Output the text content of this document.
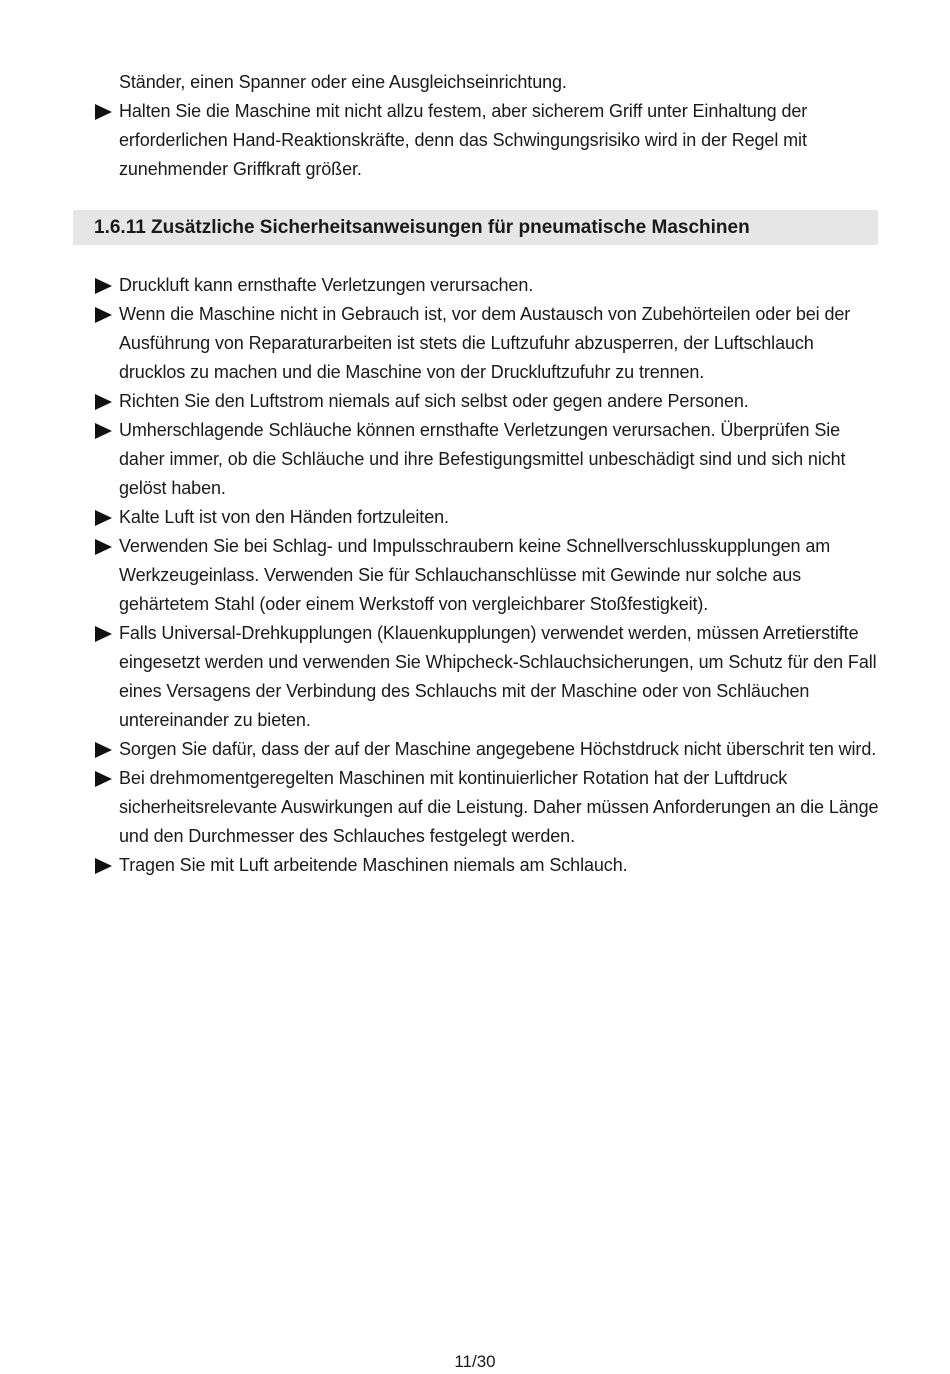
Ständer, einen Spanner oder eine Ausgleichseinrichtung.

Halten Sie die Maschine mit nicht allzu festem, aber sicherem Griff unter Einhaltung der erforderlichen Hand-Reaktionskräfte, denn das Schwingungsrisiko wird in der Regel mit zunehmender Griffkraft größer.

1.6.11 Zusätzliche Sicherheitsanweisungen für pneumatische Maschinen

Druckluft kann ernsthafte Verletzungen verursachen.

Wenn die Maschine nicht in Gebrauch ist, vor dem Austausch von Zubehörteilen oder bei der Ausführung von Reparaturarbeiten ist stets die Luftzufuhr abzusperren, der Luftschlauch drucklos zu machen und die Maschine von der Druckluftzufuhr zu trennen.

Richten Sie den Luftstrom niemals auf sich selbst oder gegen andere Personen.

Umherschlagende Schläuche können ernsthafte Verletzungen verursachen. Überprüfen Sie daher immer, ob die Schläuche und ihre Befestigungsmittel unbeschädigt sind und sich nicht gelöst haben.

Kalte Luft ist von den Händen fortzuleiten.

Verwenden Sie bei Schlag- und Impulsschraubern keine Schnellverschlusskupplungen am Werkzeugeinlass. Verwenden Sie für Schlauchanschlüsse mit Gewinde nur solche aus gehärtetem Stahl (oder einem Werkstoff von vergleichbarer Stoßfestigkeit).

Falls Universal-Drehkupplungen (Klauenkupplungen) verwendet werden, müssen Arretierstifte eingesetzt werden und verwenden Sie Whipcheck-Schlauchsicherungen, um Schutz für den Fall eines Versagens der Verbindung des Schlauchs mit der Maschine oder von Schläuchen untereinander zu bieten.

Sorgen Sie dafür, dass der auf der Maschine angegebene Höchstdruck nicht überschrit ten wird.

Bei drehmomentgeregelten Maschinen mit kontinuierlicher Rotation hat der Luftdruck sicherheitsrelevante Auswirkungen auf die Leistung. Daher müssen Anforderungen an die Länge und den Durchmesser des Schlauches festgelegt werden.

Tragen Sie mit Luft arbeitende Maschinen niemals am Schlauch.

11/30
